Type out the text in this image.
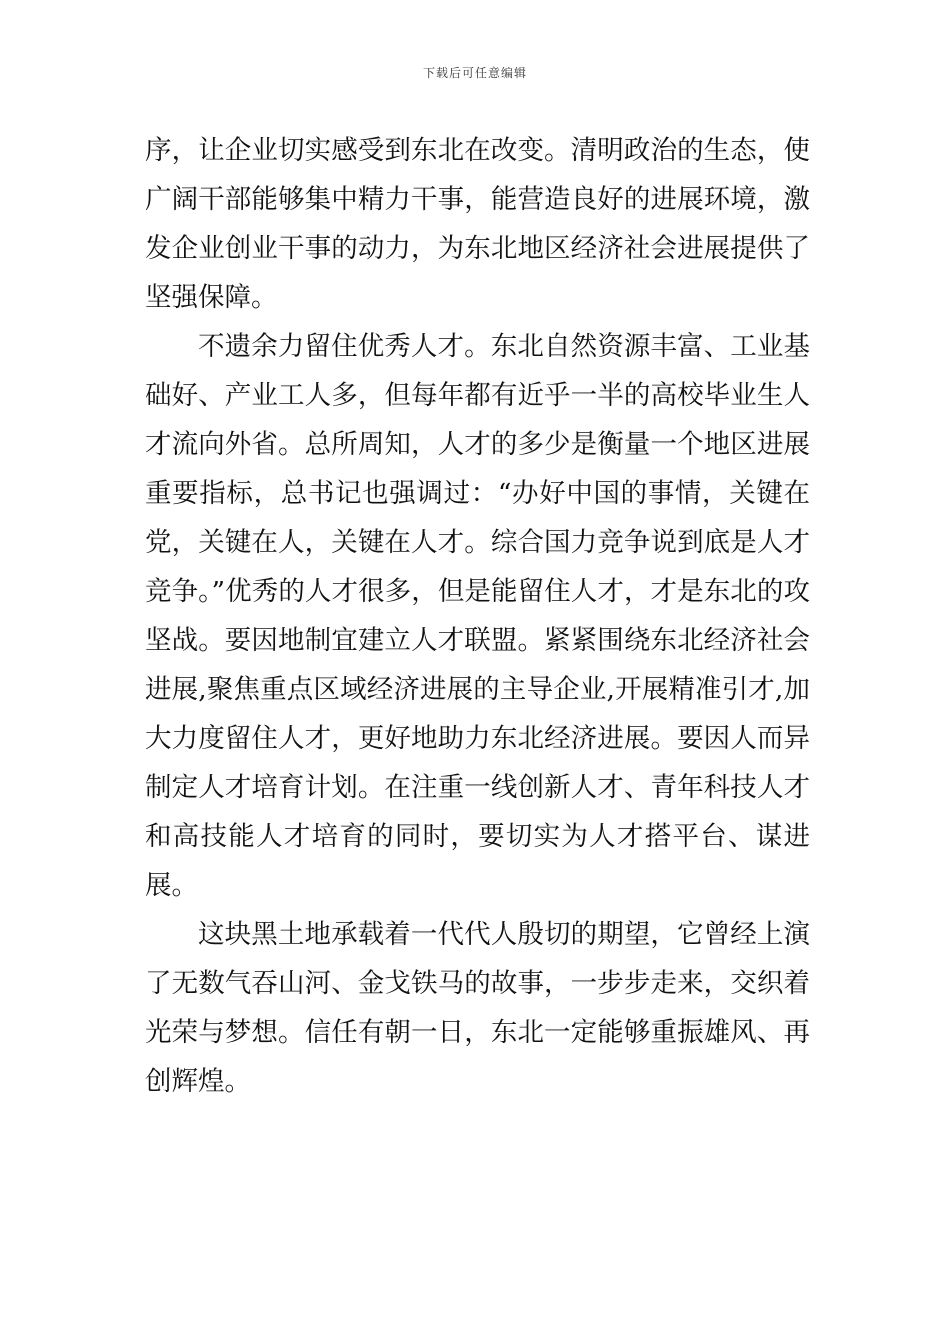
下载后可任意编辑

序，让企业切实感受到东北在改变。清明政治的生态，使广阔干部能够集中精力干事，能营造良好的进展环境，激发企业创业干事的动力，为东北地区经济社会进展提供了坚强保障。

不遗余力留住优秀人才。东北自然资源丰富、工业基础好、产业工人多，但每年都有近乎一半的高校毕业生人才流向外省。总所周知，人才的多少是衡量一个地区进展重要指标，总书记也强调过：“办好中国的事情，关键在党，关键在人，关键在人才。综合国力竞争说到底是人才竞争。”优秀的人才很多，但是能留住人才，才是东北的攻坚战。要因地制宜建立人才联盟。紧紧围绕东北经济社会进展,聚焦重点区域经济进展的主导企业,开展精准引才,加大力度留住人才，更好地助力东北经济进展。要因人而异制定人才培育计划。在注重一线创新人才、青年科技人才和高技能人才培育的同时，要切实为人才搭平台、谋进展。

这块黑土地承载着一代代人殷切的期望，它曾经上演了无数气吞山河、金戈铁马的故事，一步步走来，交织着光荣与梦想。信任有朝一日，东北一定能够重振雄风、再创辉煌。
